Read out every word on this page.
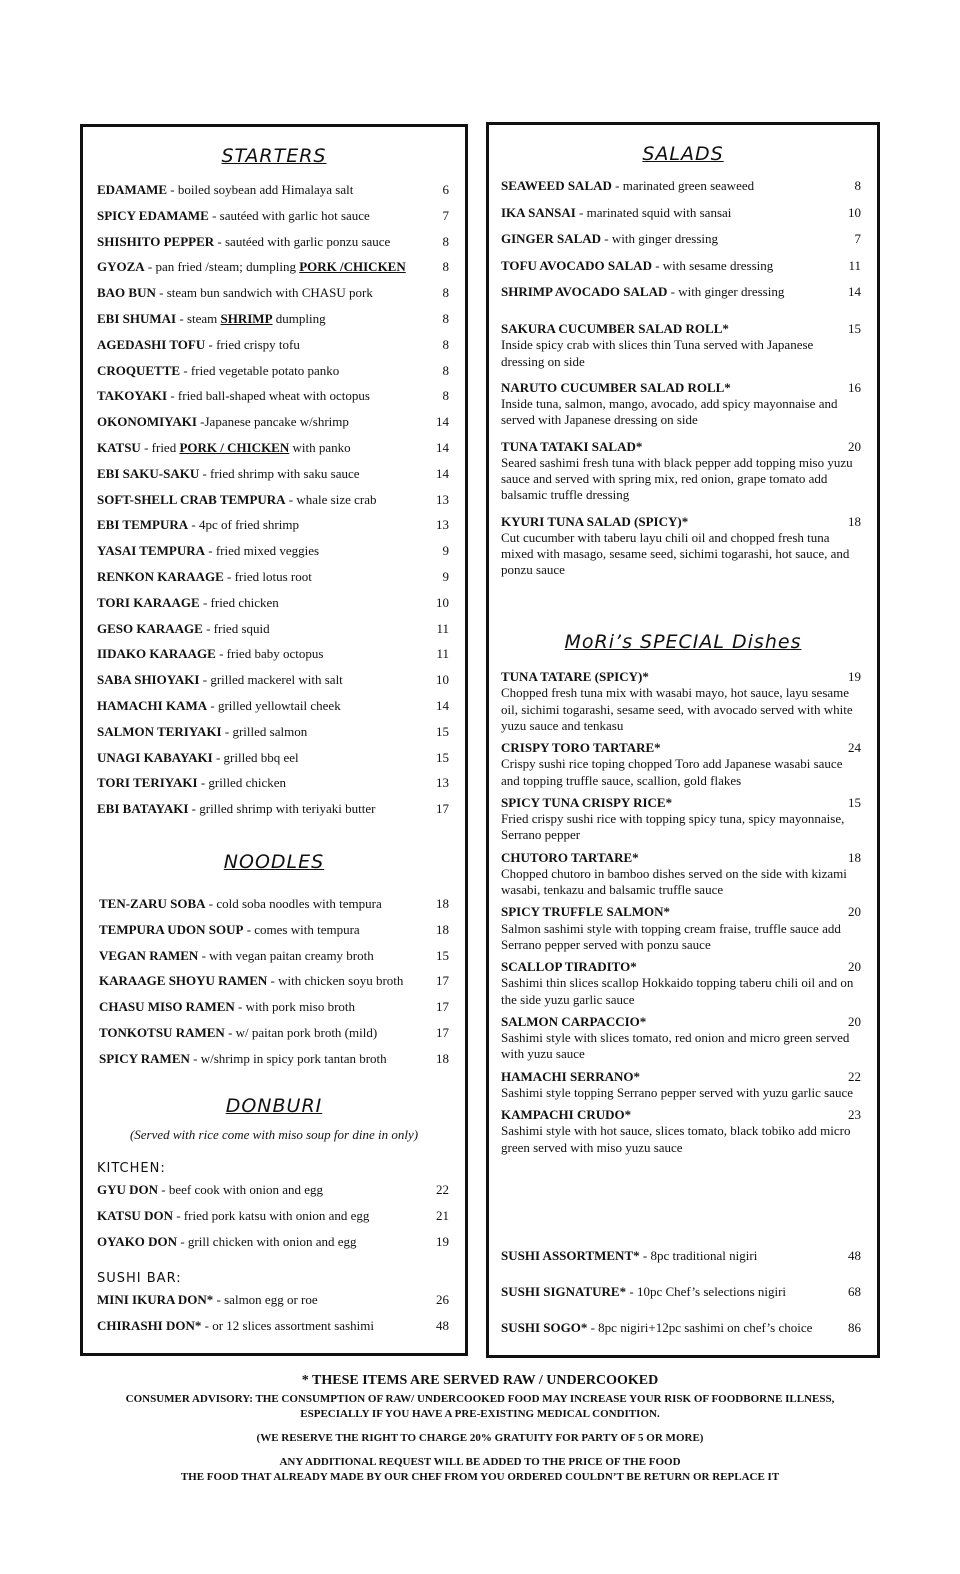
STARTERS
EDAMAME - boiled soybean add Himalaya salt	6
SPICY EDAMAME - sautéed with garlic hot sauce	7
SHISHITO PEPPER - sautéed with garlic ponzu sauce	8
GYOZA - pan fried /steam; dumpling PORK /CHICKEN	8
BAO BUN - steam bun sandwich with CHASU pork	8
EBI SHUMAI - steam SHRIMP dumpling	8
AGEDASHI TOFU - fried crispy tofu	8
CROQUETTE - fried vegetable potato panko	8
TAKOYAKI - fried ball-shaped wheat with octopus	8
OKONOMIYAKI -Japanese pancake w/shrimp	14
KATSU - fried PORK / CHICKEN with panko	14
EBI SAKU-SAKU - fried shrimp with saku sauce	14
SOFT-SHELL CRAB TEMPURA - whale size crab	13
EBI TEMPURA - 4pc of fried shrimp	13
YASAI TEMPURA - fried mixed veggies	9
RENKON KARAAGE - fried lotus root	9
TORI KARAAGE - fried chicken	10
GESO KARAAGE - fried squid	11
IIDAKO KARAAGE - fried baby octopus	11
SABA SHIOYAKI - grilled mackerel with salt	10
HAMACHI KAMA - grilled yellowtail cheek	14
SALMON TERIYAKI - grilled salmon	15
UNAGI KABAYAKI - grilled bbq eel	15
TORI TERIYAKI - grilled chicken	13
EBI BATAYAKI - grilled shrimp with teriyaki butter	17
NOODLES
TEN-ZARU SOBA - cold soba noodles with tempura	18
TEMPURA UDON SOUP - comes with tempura	18
VEGAN RAMEN - with vegan paitan creamy broth	15
KARAAGE SHOYU RAMEN - with chicken soyu broth	17
CHASU MISO RAMEN - with pork miso broth	17
TONKOTSU RAMEN - w/ paitan pork broth (mild)	17
SPICY RAMEN - w/shrimp in spicy pork tantan broth	18
DONBURI
(Served with rice come with miso soup for dine in only)
KITCHEN:
GYU DON - beef cook with onion and egg	22
KATSU DON - fried pork katsu with onion and egg	21
OYAKO DON - grill chicken with onion and egg	19
SUSHI BAR:
MINI IKURA DON* - salmon egg or roe	26
CHIRASHI DON* - or 12 slices assortment sashimi	48
SALADS
SEAWEED SALAD - marinated green seaweed	8
IKA SANSAI - marinated squid with sansai	10
GINGER SALAD - with ginger dressing	7
TOFU AVOCADO SALAD - with sesame dressing	11
SHRIMP AVOCADO SALAD - with ginger dressing	14
SAKURA CUCUMBER SALAD ROLL*	15
Inside spicy crab with slices thin Tuna served with Japanese dressing on side
NARUTO CUCUMBER SALAD ROLL*	16
Inside tuna, salmon, mango, avocado, add spicy mayonnaise and served with Japanese dressing on side
TUNA TATAKI SALAD*	20
Seared sashimi fresh tuna with black pepper add topping miso yuzu sauce and served with spring mix, red onion, grape tomato add balsamic truffle dressing
KYURI TUNA SALAD (SPICY)*	18
Cut cucumber with taberu layu chili oil and chopped fresh tuna mixed with masago, sesame seed, sichimi togarashi, hot sauce, and ponzu sauce
MoRi’s SPECIAL Dishes
TUNA TATARE (SPICY)*	19
Chopped fresh tuna mix with wasabi mayo, hot sauce, layu sesame oil, sichimi togarashi, sesame seed, with avocado served with white yuzu sauce and tenkasu
CRISPY TORO TARTARE*	24
Crispy sushi rice toping chopped Toro add Japanese wasabi sauce and topping truffle sauce, scallion, gold flakes
SPICY TUNA CRISPY RICE*	15
Fried crispy sushi rice with topping spicy tuna, spicy mayonnaise, Serrano pepper
CHUTORO TARTARE*	18
Chopped chutoro in bamboo dishes served on the side with kizami wasabi, tenkazu and balsamic truffle sauce
SPICY TRUFFLE SALMON*	20
Salmon sashimi style with topping cream fraise, truffle sauce add Serrano pepper served with ponzu sauce
SCALLOP TIRADITO*	20
Sashimi thin slices scallop Hokkaido topping taberu chili oil and on the side yuzu garlic sauce
SALMON CARPACCIO*	20
Sashimi style with slices tomato, red onion and micro green served with yuzu sauce
HAMACHI SERRANO*	22
Sashimi style topping Serrano pepper served with yuzu garlic sauce
KAMPACHI CRUDO*	23
Sashimi style with hot sauce, slices tomato, black tobiko add micro green served with miso yuzu sauce
SUSHI ASSORTMENT* - 8pc traditional nigiri	48
SUSHI SIGNATURE* - 10pc Chef’s selections nigiri	68
SUSHI SOGO* - 8pc nigiri+12pc sashimi on chef’s choice	86
* THESE ITEMS ARE SERVED RAW / UNDERCOOKED
CONSUMER ADVISORY: THE CONSUMPTION OF RAW/ UNDERCOOKED FOOD MAY INCREASE YOUR RISK OF FOODBORNE ILLNESS,
ESPECIALLY IF YOU HAVE A PRE-EXISTING MEDICAL CONDITION.
(WE RESERVE THE RIGHT TO CHARGE 20% GRATUITY FOR PARTY OF 5 OR MORE)
ANY ADDITIONAL REQUEST WILL BE ADDED TO THE PRICE OF THE FOOD
THE FOOD THAT ALREADY MADE BY OUR CHEF FROM YOU ORDERED COULDN’T BE RETURN OR REPLACE IT
